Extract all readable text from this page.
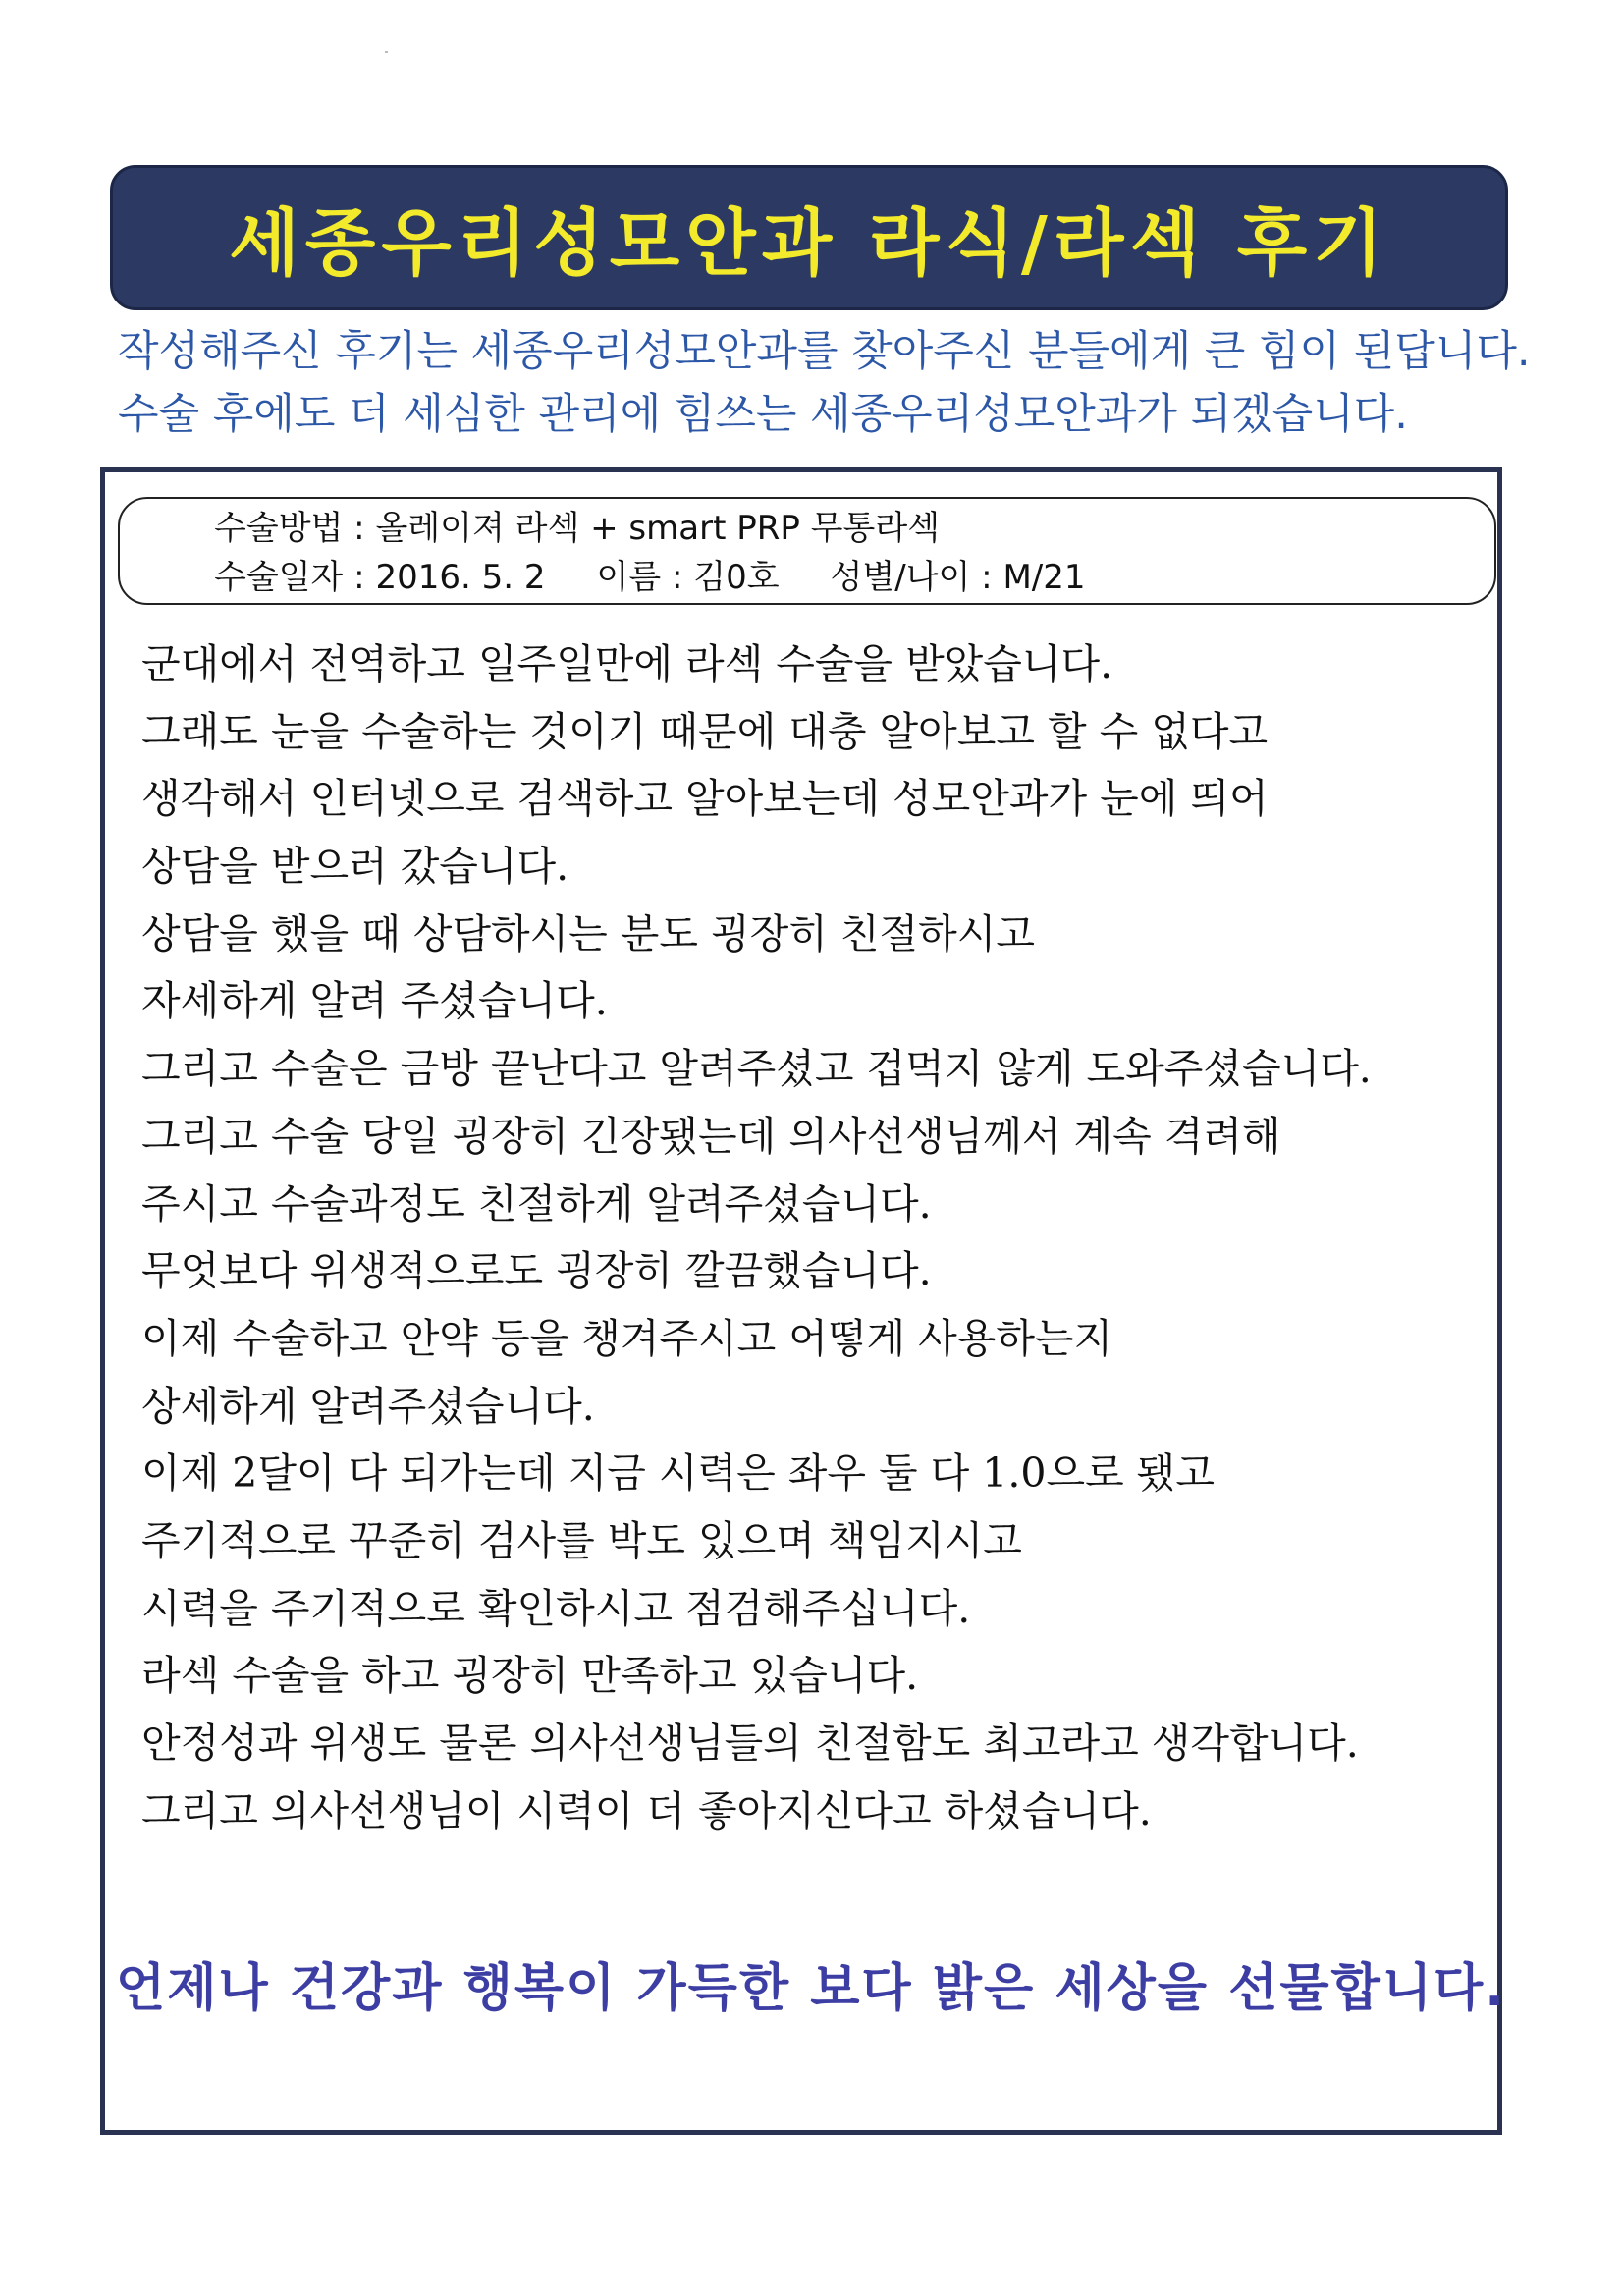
세종우리성모안과 라식/라섹 후기
작성해주신 후기는 세종우리성모안과를 찾아주신 분들에게 큰 힘이 된답니다.
수술 후에도 더 세심한 관리에 힘쓰는 세종우리성모안과가 되겠습니다.
수술방법 : 올레이져 라섹 + smart PRP 무통라섹
수술일자 : 2016. 5. 2 이름 : 김0호 성별/나이 : M/21
군대에서 전역하고 일주일만에 라섹 수술을 받았습니다.
그래도 눈을 수술하는 것이기 때문에 대충 알아보고 할 수 없다고
생각해서 인터넷으로 검색하고 알아보는데 성모안과가 눈에 띄어
상담을 받으러 갔습니다.
상담을 했을 때 상담하시는 분도 굉장히 친절하시고
자세하게 알려 주셨습니다.
그리고 수술은 금방 끝난다고 알려주셨고 겁먹지 않게 도와주셨습니다.
그리고 수술 당일 굉장히 긴장됐는데 의사선생님께서 계속 격려해
주시고 수술과정도 친절하게 알려주셨습니다.
무엇보다 위생적으로도 굉장히 깔끔했습니다.
이제 수술하고 안약 등을 챙겨주시고 어떻게 사용하는지
상세하게 알려주셨습니다.
이제 2달이 다 되가는데 지금 시력은 좌우 둘 다 1.0으로 됐고
주기적으로 꾸준히 검사를 박도 있으며 책임지시고
시력을 주기적으로 확인하시고 점검해주십니다.
라섹 수술을 하고 굉장히 만족하고 있습니다.
안정성과 위생도 물론 의사선생님들의 친절함도 최고라고 생각합니다.
그리고 의사선생님이 시력이 더 좋아지신다고 하셨습니다.
언제나 건강과 행복이 가득한 보다 밝은 세상을 선물합니다.
